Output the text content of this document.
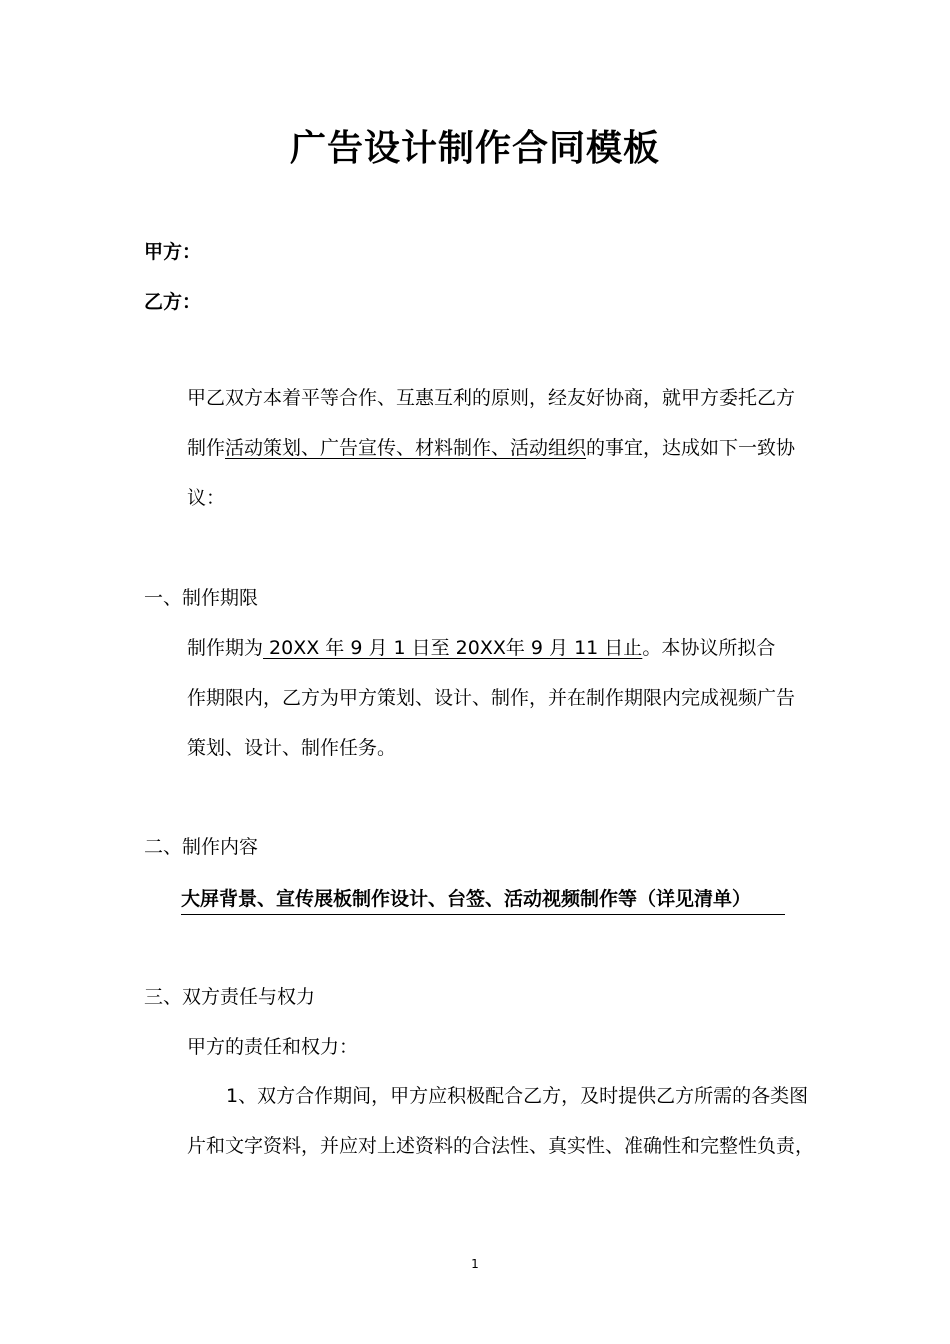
广告设计制作合同模板
甲方：
乙方：
甲乙双方本着平等合作、互惠互利的原则，经友好协商，就甲方委托乙方
制作活动策划、广告宣传、材料制作、活动组织的事宜，达成如下一致协
议：
一、制作期限
制作期为 20XX 年 9 月 1 日至 20XX年 9 月 11 日止。本协议所拟合
作期限内，乙方为甲方策划、设计、制作，并在制作期限内完成视频广告
策划、设计、制作任务。
二、制作内容
大屏背景、宣传展板制作设计、台签、活动视频制作等（详见清单）
三、双方责任与权力
甲方的责任和权力：
1、双方合作期间，甲方应积极配合乙方，及时提供乙方所需的各类图
片和文字资料，并应对上述资料的合法性、真实性、准确性和完整性负责，
1
